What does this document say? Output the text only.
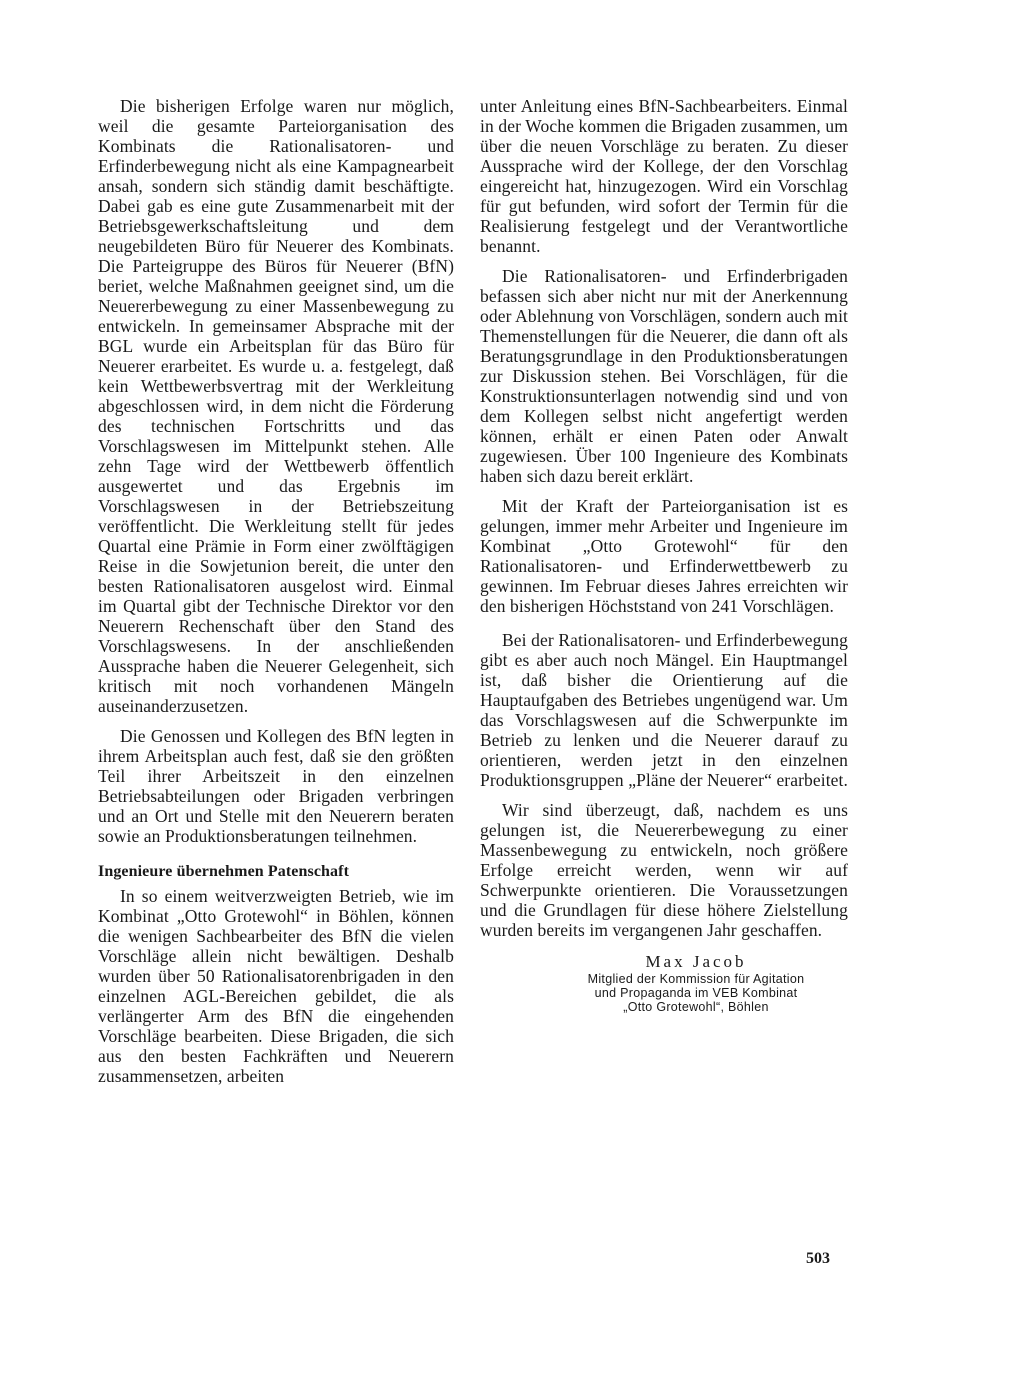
Die bisherigen Erfolge waren nur möglich, weil die gesamte Parteiorganisation des Kombinats die Rationalisatoren- und Erfinderbewegung nicht als eine Kampagnearbeit ansah, sondern sich ständig damit beschäftigte. Dabei gab es eine gute Zusammenarbeit mit der Betriebsgewerkschaftsleitung und dem neugebildeten Büro für Neuerer des Kombinats. Die Parteigruppe des Büros für Neuerer (BfN) beriet, welche Maßnahmen geeignet sind, um die Neuererbewegung zu einer Massenbewegung zu entwickeln. In gemeinsamer Absprache mit der BGL wurde ein Arbeitsplan für das Büro für Neuerer erarbeitet. Es wurde u. a. festgelegt, daß kein Wettbewerbsvertrag mit der Werkleitung abgeschlossen wird, in dem nicht die Förderung des technischen Fortschritts und das Vorschlagswesen im Mittelpunkt stehen. Alle zehn Tage wird der Wettbewerb öffentlich ausgewertet und das Ergebnis im Vorschlagswesen in der Betriebszeitung veröffentlicht. Die Werkleitung stellt für jedes Quartal eine Prämie in Form einer zwölftägigen Reise in die Sowjetunion bereit, die unter den besten Rationalisatoren ausgelost wird. Einmal im Quartal gibt der Technische Direktor vor den Neuerern Rechenschaft über den Stand des Vorschlagswesens. In der anschließenden Aussprache haben die Neuerer Gelegenheit, sich kritisch mit noch vorhandenen Mängeln auseinanderzusetzen.

Die Genossen und Kollegen des BfN legten in ihrem Arbeitsplan auch fest, daß sie den größten Teil ihrer Arbeitszeit in den einzelnen Betriebsabteilungen oder Brigaden verbringen und an Ort und Stelle mit den Neuerern beraten sowie an Produktionsberatungen teilnehmen.

Ingenieure übernehmen Patenschaft

In so einem weitverzweigten Betrieb, wie im Kombinat „Otto Grotewohl“ in Böhlen, können die wenigen Sachbearbeiter des BfN die vielen Vorschläge allein nicht bewältigen. Deshalb wurden über 50 Rationalisatorenbrigaden in den einzelnen AGL-Bereichen gebildet, die als verlängerter Arm des BfN die eingehenden Vorschläge bearbeiten. Diese Brigaden, die sich aus den besten Fachkräften und Neuerern zusammensetzen, arbeiten

unter Anleitung eines BfN-Sachbearbeiters. Einmal in der Woche kommen die Brigaden zusammen, um über die neuen Vorschläge zu beraten. Zu dieser Aussprache wird der Kollege, der den Vorschlag eingereicht hat, hinzugezogen. Wird ein Vorschlag für gut befunden, wird sofort der Termin für die Realisierung festgelegt und der Verantwortliche benannt.

Die Rationalisatoren- und Erfinderbrigaden befassen sich aber nicht nur mit der Anerkennung oder Ablehnung von Vorschlägen, sondern auch mit Themenstellungen für die Neuerer, die dann oft als Beratungsgrundlage in den Produktionsberatungen zur Diskussion stehen. Bei Vorschlägen, für die Konstruktionsunterlagen notwendig sind und von dem Kollegen selbst nicht angefertigt werden können, erhält er einen Paten oder Anwalt zugewiesen. Über 100 Ingenieure des Kombinats haben sich dazu bereit erklärt.

Mit der Kraft der Parteiorganisation ist es gelungen, immer mehr Arbeiter und Ingenieure im Kombinat „Otto Grotewohl“ für den Rationalisatoren- und Erfinderwettbewerb zu gewinnen. Im Februar dieses Jahres erreichten wir den bisherigen Höchststand von 241 Vorschlägen.

Bei der Rationalisatoren- und Erfinderbewegung gibt es aber auch noch Mängel. Ein Hauptmangel ist, daß bisher die Orientierung auf die Hauptaufgaben des Betriebes ungenügend war. Um das Vorschlagswesen auf die Schwerpunkte im Betrieb zu lenken und die Neuerer darauf zu orientieren, werden jetzt in den einzelnen Produktionsgruppen „Pläne der Neuerer“ erarbeitet.

Wir sind überzeugt, daß, nachdem es uns gelungen ist, die Neuererbewegung zu einer Massenbewegung zu entwickeln, noch größere Erfolge erreicht werden, wenn wir auf Schwerpunkte orientieren. Die Voraussetzungen und die Grundlagen für diese höhere Zielstellung wurden bereits im vergangenen Jahr geschaffen.

Max Jacob
Mitglied der Kommission für Agitation
und Propaganda im VEB Kombinat
„Otto Grotewohl“, Böhlen
503
